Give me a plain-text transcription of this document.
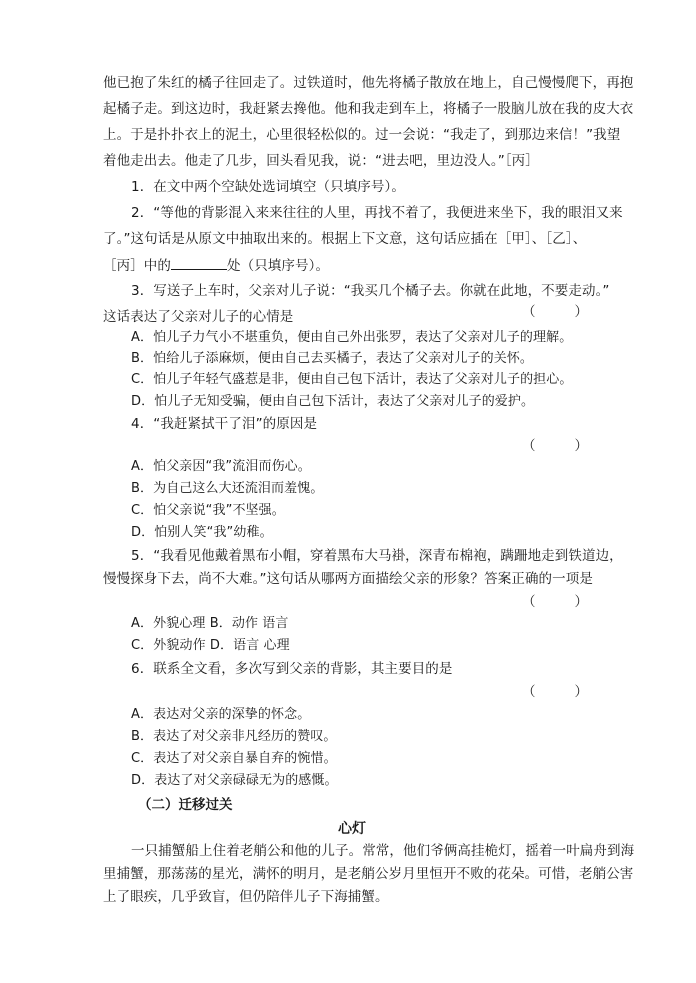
他已抱了朱红的橘子往回走了。过铁道时，他先将橘子散放在地上，自己慢慢爬下，再抱
起橘子走。到这边时，我赶紧去搀他。他和我走到车上，将橘子一股脑儿放在我的皮大衣
上。于是扑扑衣上的泥土，心里很轻松似的。过一会说：“我走了，到那边来信！”我望
着他走出去。他走了几步，回头看见我，说：“进去吧，里边没人。”［丙］
1．在文中两个空缺处选词填空（只填序号）。
2．“等他的背影混入来来往往的人里，再找不着了，我便进来坐下，我的眼泪又来
了。”这句话是从原文中抽取出来的。根据上下文意，这句话应插在［甲］、［乙］、
［丙］中的	处（只填序号）。
3．写送子上车时，父亲对儿子说：“我买几个橘子去。你就在此地，不要走动。”
这话表达了父亲对儿子的心情是	（	）
A．怕儿子力气小不堪重负，便由自己外出张罗，表达了父亲对儿子的理解。
B．怕给儿子添麻烦，便由自己去买橘子，表达了父亲对儿子的关怀。
C．怕儿子年轻气盛惹是非，便由自己包下活计，表达了父亲对儿子的担心。
D．怕儿子无知受骗，便由自己包下活计，表达了父亲对儿子的爱护。
4．“我赶紧拭干了泪”的原因是
（	）
A．怕父亲因“我”流泪而伤心。
B．为自己这么大还流泪而羞愧。
C．怕父亲说“我”不坚强。
D．怕别人笑“我”幼稚。
5．“我看见他戴着黑布小帽，穿着黑布大马褂，深青布棉袍，蹒跚地走到铁道边，
慢慢探身下去，尚不大难。”这句话从哪两方面描绘父亲的形象？答案正确的一项是
（	）
A．外貌心理 B．动作 语言
C．外貌动作 D．语言 心理
6．联系全文看，多次写到父亲的背影，其主要目的是
（	）
A．表达对父亲的深挚的怀念。
B．表达了对父亲非凡经历的赞叹。
C．表达了对父亲自暴自弃的惋惜。
D．表达了对父亲碌碌无为的感慨。
（二）迁移过关
心灯
一只捕蟹船上住着老艄公和他的儿子。常常，他们爷俩高挂桅灯，摇着一叶扁舟到海
里捕蟹，那荡荡的星光，满怀的明月，是老艄公岁月里恒开不败的花朵。可惜，老艄公害
上了眼疾，几乎致盲，但仍陪伴儿子下海捕蟹。
